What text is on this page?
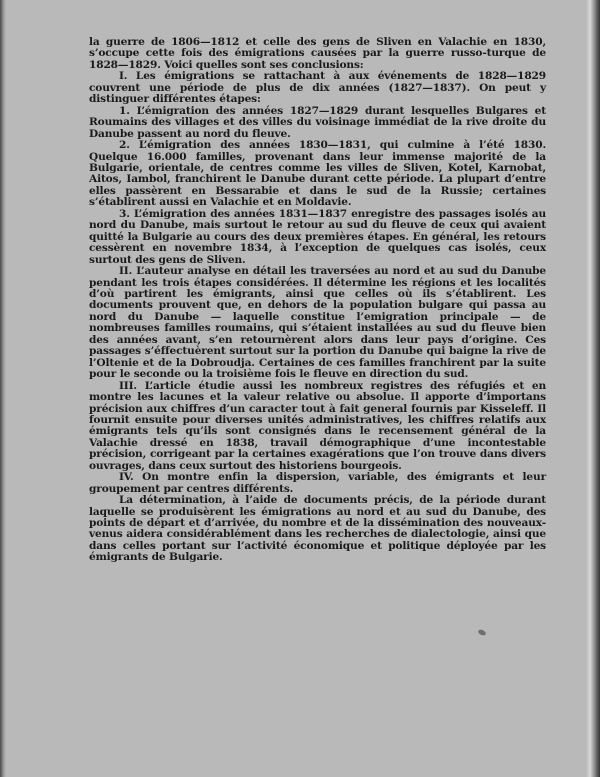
la guerre de 1806—1812 et celle des gens de Sliven en Valachie en 1830, s’occupe cette fois des émigrations causées par la guerre russo-turque de 1828—1829. Voici quelles sont ses conclusions:

I. Les émigrations se rattachant à aux événements de 1828—1829 couvrent une période de plus de dix années (1827—1837). On peut y distinguer différentes étapes:

1. L’émigration des années 1827—1829 durant lesquelles Bulgares et Roumains des villages et des villes du voisinage immédiat de la rive droite du Danube passent au nord du fleuve.

2. L’émigration des années 1830—1831, qui culmine à l’été 1830. Quelque 16.000 familles, provenant dans leur immense majorité de la Bulgarie, orientale, de centres comme les villes de Sliven, Kotel, Karnobat, Aitos, Iambol, franchirent le Danube durant cette période. La plupart d’entre elles passèrent en Bessarabie et dans le sud de la Russie; certaines s’établirent aussi en Valachie et en Moldavie.

3. L’émigration des années 1831—1837 enregistre des passages isolés au nord du Danube, mais surtout le retour au sud du fleuve de ceux qui avaient quitté la Bulgarie au cours des deux premières étapes. En général, les retours cessèrent en novembre 1834, à l’exception de quelques cas isolés, ceux surtout des gens de Sliven.

II. L’auteur analyse en détail les traversées au nord et au sud du Danube pendant les trois étapes considérées. Il détermine les régions et les localités d’où partirent les émigrants, ainsi que celles où ils s’établirent. Les documents prouvent que, en dehors de la population bulgare qui passa au nord du Danube — laquelle constitue l’emigration principale — de nombreuses familles roumains, qui s’étaient installées au sud du fleuve bien des années avant, s’en retournèrent alors dans leur pays d’origine. Ces passages s’éffectuèrent surtout sur la portion du Danube qui baigne la rive de l’Oltenie et de la Dobroudja. Certaines de ces familles franchirent par la suite pour le seconde ou la troisième fois le fleuve en direction du sud.

III. L’article étudie aussi les nombreux registres des réfugiés et en montre les lacunes et la valeur relative ou absolue. Il apporte d’importans précision aux chiffres d’un caracter tout à fait general fournis par Kisseleff. Il fournit ensuite pour diverses unités administratives, les chiffres relatifs aux émigrants tels qu’ils sont consignés dans le recensement général de la Valachie dressé en 1838, travail démographique d’une incontestable précision, corrigeant par la certaines exagérations que l’on trouve dans divers ouvrages, dans ceux surtout des historiens bourgeois.

IV. On montre enfin la dispersion, variable, des émigrants et leur groupement par centres différents.

La détermination, à l’aide de documents précis, de la période durant laquelle se produisèrent les émigrations au nord et au sud du Danube, des points de départ et d’arrivée, du nombre et de la dissémination des nouveaux-venus aidera considérablément dans les recherches de dialectologie, ainsi que dans celles portant sur l’activité économique et politique déployée par les émigrants de Bulgarie.
